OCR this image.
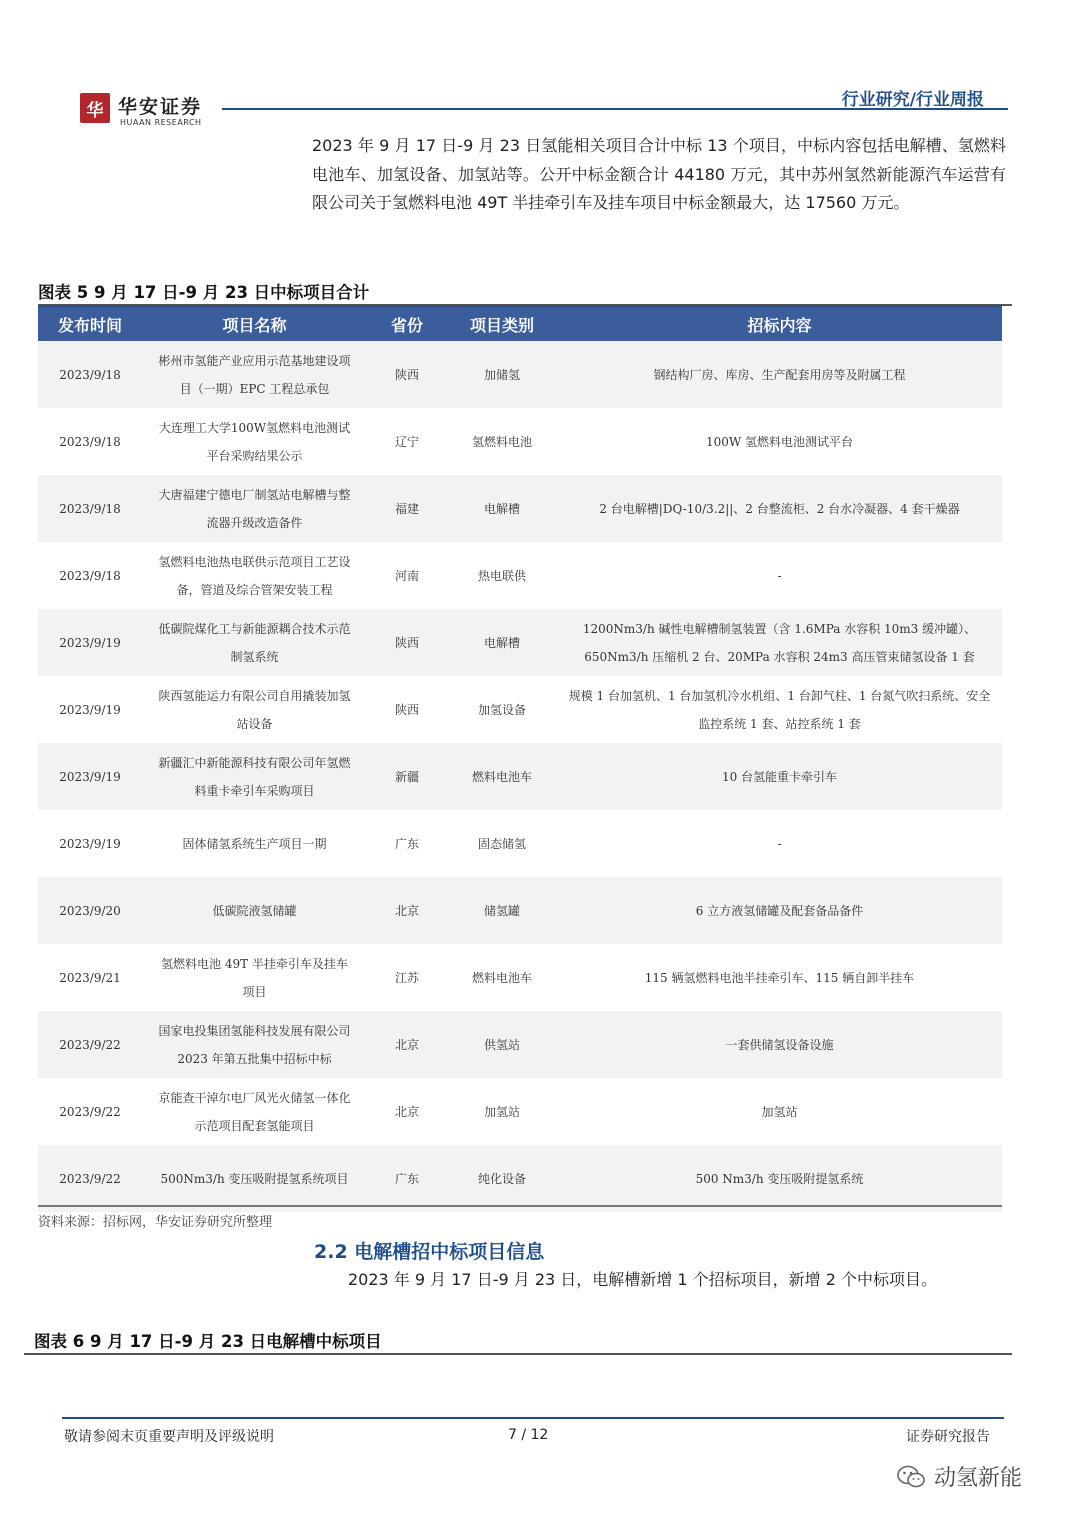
华 华安证券
HUAAN RESEARCH
行业研究/行业周报
2023 年 9 月 17 日-9 月 23 日氢能相关项目合计中标 13 个项目，中标内容包括电解槽、氢燃料电池车、加氢设备、加氢站等。公开中标金额合计 44180 万元，其中苏州氢然新能源汽车运营有限公司关于氢燃料电池 49T 半挂牵引车及挂车项目中标金额最大，达 17560 万元。
图表 5 9 月 17 日-9 月 23 日中标项目合计
发布时间	项目名称	省份	项目类别	招标内容
2023/9/18	彬州市氢能产业应用示范基地建设项目（一期）EPC 工程总承包	陕西	加储氢	钢结构厂房、库房、生产配套用房等及附属工程
2023/9/18	大连理工大学100W氢燃料电池测试平台采购结果公示	辽宁	氢燃料电池	100W 氢燃料电池测试平台
2023/9/18	大唐福建宁德电厂制氢站电解槽与整流器升级改造备件	福建	电解槽	2 台电解槽|DQ-10/3.2||、2 台整流柜、2 台水冷凝器、4 套干燥器
2023/9/18	氢燃料电池热电联供示范项目工艺设备，管道及综合管架安装工程	河南	热电联供	-
2023/9/19	低碳院煤化工与新能源耦合技术示范制氢系统	陕西	电解槽	1200Nm3/h 碱性电解槽制氢装置（含 1.6MPa 水容积 10m3 缓冲罐）、650Nm3/h 压缩机 2 台、20MPa 水容积 24m3 高压管束储氢设备 1 套
2023/9/19	陕西氢能运力有限公司自用撬装加氢站设备	陕西	加氢设备	规模 1 台加氢机、1 台加氢机冷水机组、1 台卸气柱、1 台氮气吹扫系统、安全监控系统 1 套、站控系统 1 套
2023/9/19	新疆汇中新能源科技有限公司年氢燃料重卡牵引车采购项目	新疆	燃料电池车	10 台氢能重卡牵引车
2023/9/19	固体储氢系统生产项目一期	广东	固态储氢	-
2023/9/20	低碳院液氢储罐	北京	储氢罐	6 立方液氢储罐及配套备品备件
2023/9/21	氢燃料电池 49T 半挂牵引车及挂车项目	江苏	燃料电池车	115 辆氢燃料电池半挂牵引车、115 辆自卸半挂车
2023/9/22	国家电投集团氢能科技发展有限公司 2023 年第五批集中招标中标	北京	供氢站	一套供储氢设备设施
2023/9/22	京能查干淖尔电厂风光火储氢一体化示范项目配套氢能项目	北京	加氢站	加氢站
2023/9/22	500Nm3/h 变压吸附提氢系统项目	广东	纯化设备	500 Nm3/h 变压吸附提氢系统
资料来源：招标网，华安证券研究所整理
2.2 电解槽招中标项目信息
2023 年 9 月 17 日-9 月 23 日，电解槽新增 1 个招标项目，新增 2 个中标项目。
图表 6 9 月 17 日-9 月 23 日电解槽中标项目
敬请参阅末页重要声明及评级说明	7 / 12	证券研究报告
动氢新能
